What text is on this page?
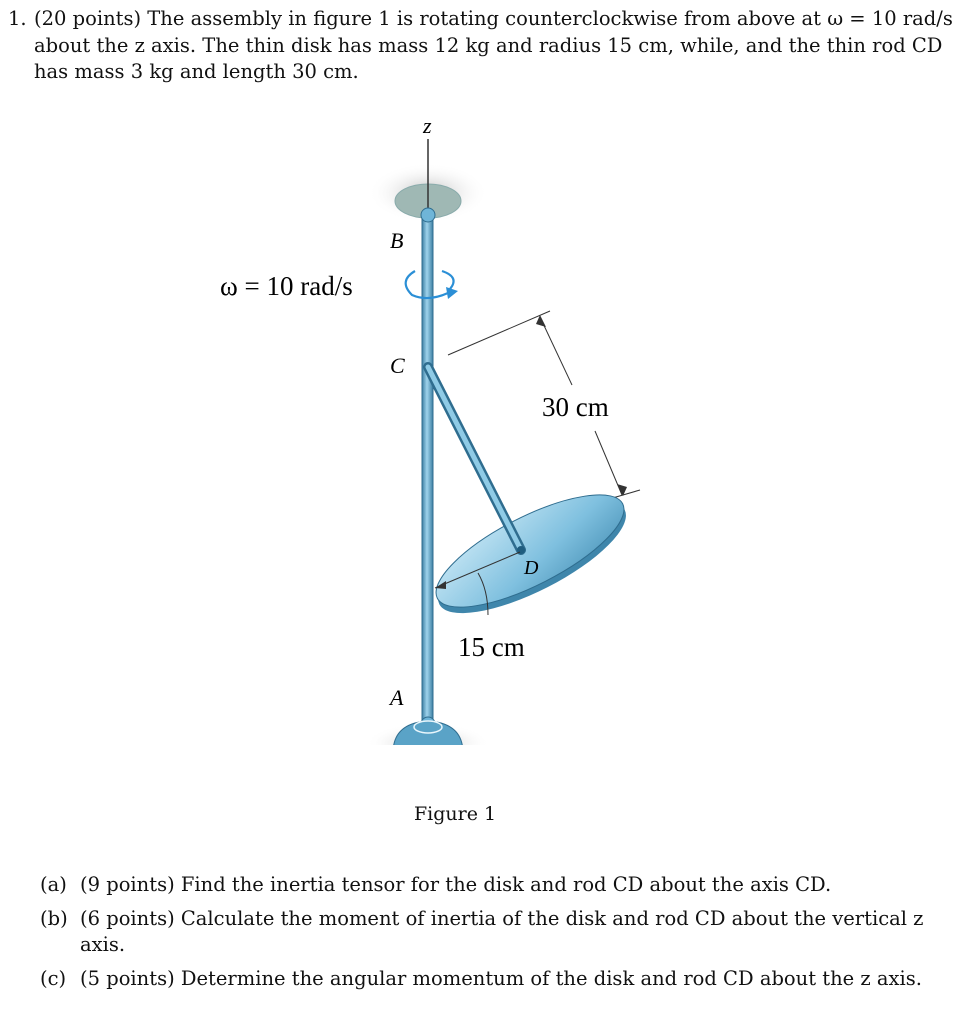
1. (20 points) The assembly in figure 1 is rotating counterclockwise from above at ω = 10 rad/s about the z axis. The thin disk has mass 12 kg and radius 15 cm, while, and the thin rod CD has mass 3 kg and length 30 cm.
z
ω = 10 rad/s
B
C
A
30 cm
D
15 cm
Figure 1
(a) (9 points) Find the inertia tensor for the disk and rod CD about the axis CD.
(b) (6 points) Calculate the moment of inertia of the disk and rod CD about the vertical z axis.
(c) (5 points) Determine the angular momentum of the disk and rod CD about the z axis.
